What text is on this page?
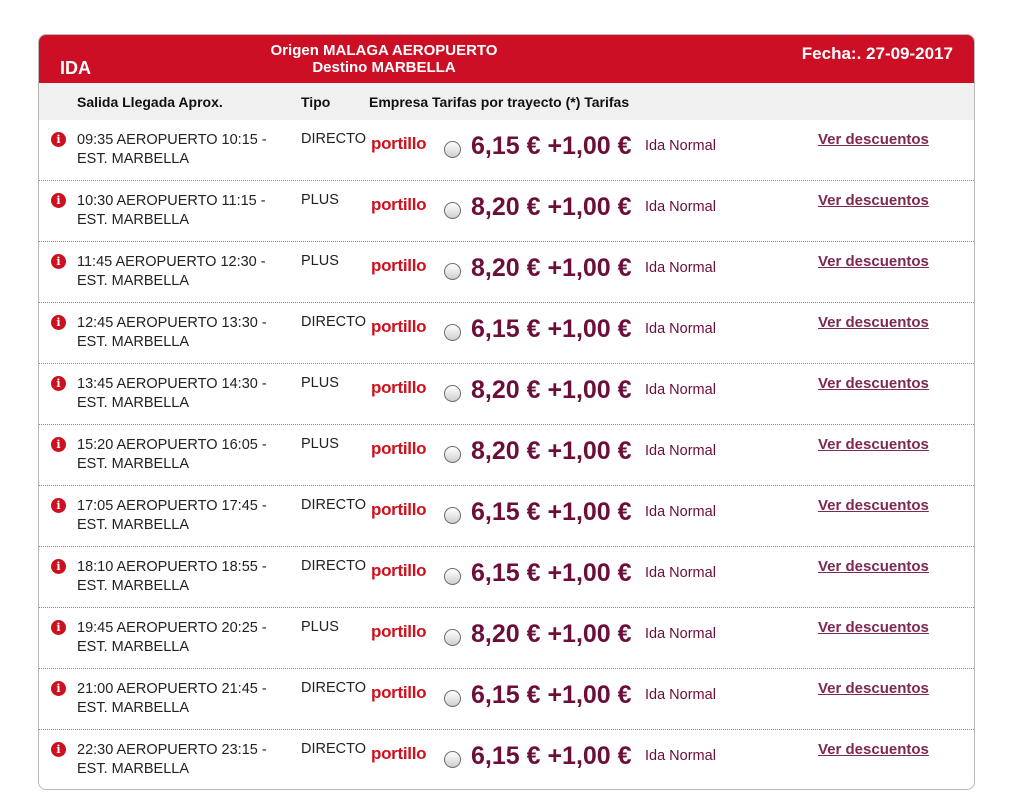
IDA
Origen MALAGA AEROPUERTO
Destino MARBELLA
Fecha:. 27-09-2017
Salida Llegada Aprox.	Tipo	Empresa Tarifas por trayecto (*) Tarifas
i	09:35 AEROPUERTO 10:15 -
EST. MARBELLA
DIRECTO portillo 6,15 € +1,00 € Ida Normal	Ver descuentos
i	10:30 AEROPUERTO 11:15 -
EST. MARBELLA
PLUS portillo 8,20 € +1,00 € Ida Normal	Ver descuentos
i	11:45 AEROPUERTO 12:30 -
EST. MARBELLA
PLUS portillo 8,20 € +1,00 € Ida Normal	Ver descuentos
i	12:45 AEROPUERTO 13:30 -
EST. MARBELLA
DIRECTO portillo 6,15 € +1,00 € Ida Normal	Ver descuentos
i	13:45 AEROPUERTO 14:30 -
EST. MARBELLA
PLUS portillo 8,20 € +1,00 € Ida Normal	Ver descuentos
i	15:20 AEROPUERTO 16:05 -
EST. MARBELLA
PLUS portillo 8,20 € +1,00 € Ida Normal	Ver descuentos
i	17:05 AEROPUERTO 17:45 -
EST. MARBELLA
DIRECTO portillo 6,15 € +1,00 € Ida Normal	Ver descuentos
i	18:10 AEROPUERTO 18:55 -
EST. MARBELLA
DIRECTO portillo 6,15 € +1,00 € Ida Normal	Ver descuentos
i	19:45 AEROPUERTO 20:25 -
EST. MARBELLA
PLUS portillo 8,20 € +1,00 € Ida Normal	Ver descuentos
i	21:00 AEROPUERTO 21:45 -
EST. MARBELLA
DIRECTO portillo 6,15 € +1,00 € Ida Normal	Ver descuentos
i	22:30 AEROPUERTO 23:15 -
EST. MARBELLA
DIRECTO portillo 6,15 € +1,00 € Ida Normal	Ver descuentos
